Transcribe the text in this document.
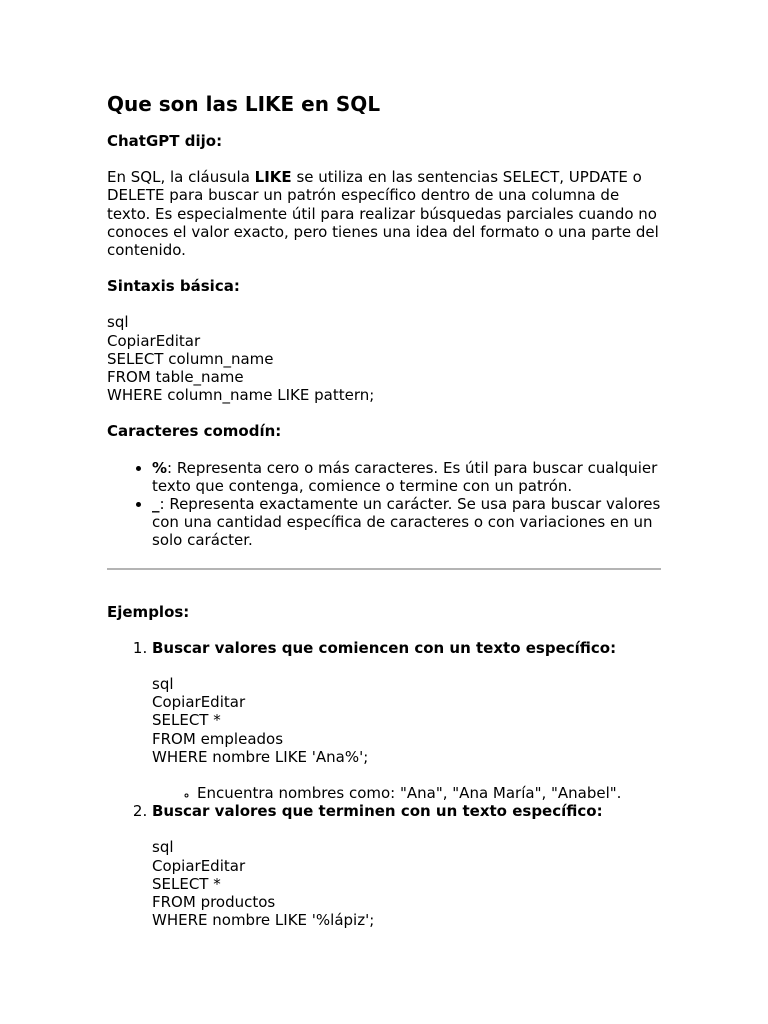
Que son las LIKE en SQL
ChatGPT dijo:
En SQL, la cláusula LIKE se utiliza en las sentencias SELECT, UPDATE o DELETE para buscar un patrón específico dentro de una columna de texto. Es especialmente útil para realizar búsquedas parciales cuando no conoces el valor exacto, pero tienes una idea del formato o una parte del contenido.
Sintaxis básica:
sql
CopiarEditar
SELECT column_name
FROM table_name
WHERE column_name LIKE pattern;
Caracteres comodín:
• %: Representa cero o más caracteres. Es útil para buscar cualquier texto que contenga, comience o termine con un patrón.
• _: Representa exactamente un carácter. Se usa para buscar valores con una cantidad específica de caracteres o con variaciones en un solo carácter.
Ejemplos:
1. Buscar valores que comiencen con un texto específico:
sql
CopiarEditar
SELECT *
FROM empleados
WHERE nombre LIKE 'Ana%';
◦ Encuentra nombres como: "Ana", "Ana María", "Anabel".
2. Buscar valores que terminen con un texto específico:
sql
CopiarEditar
SELECT *
FROM productos
WHERE nombre LIKE '%lápiz';
